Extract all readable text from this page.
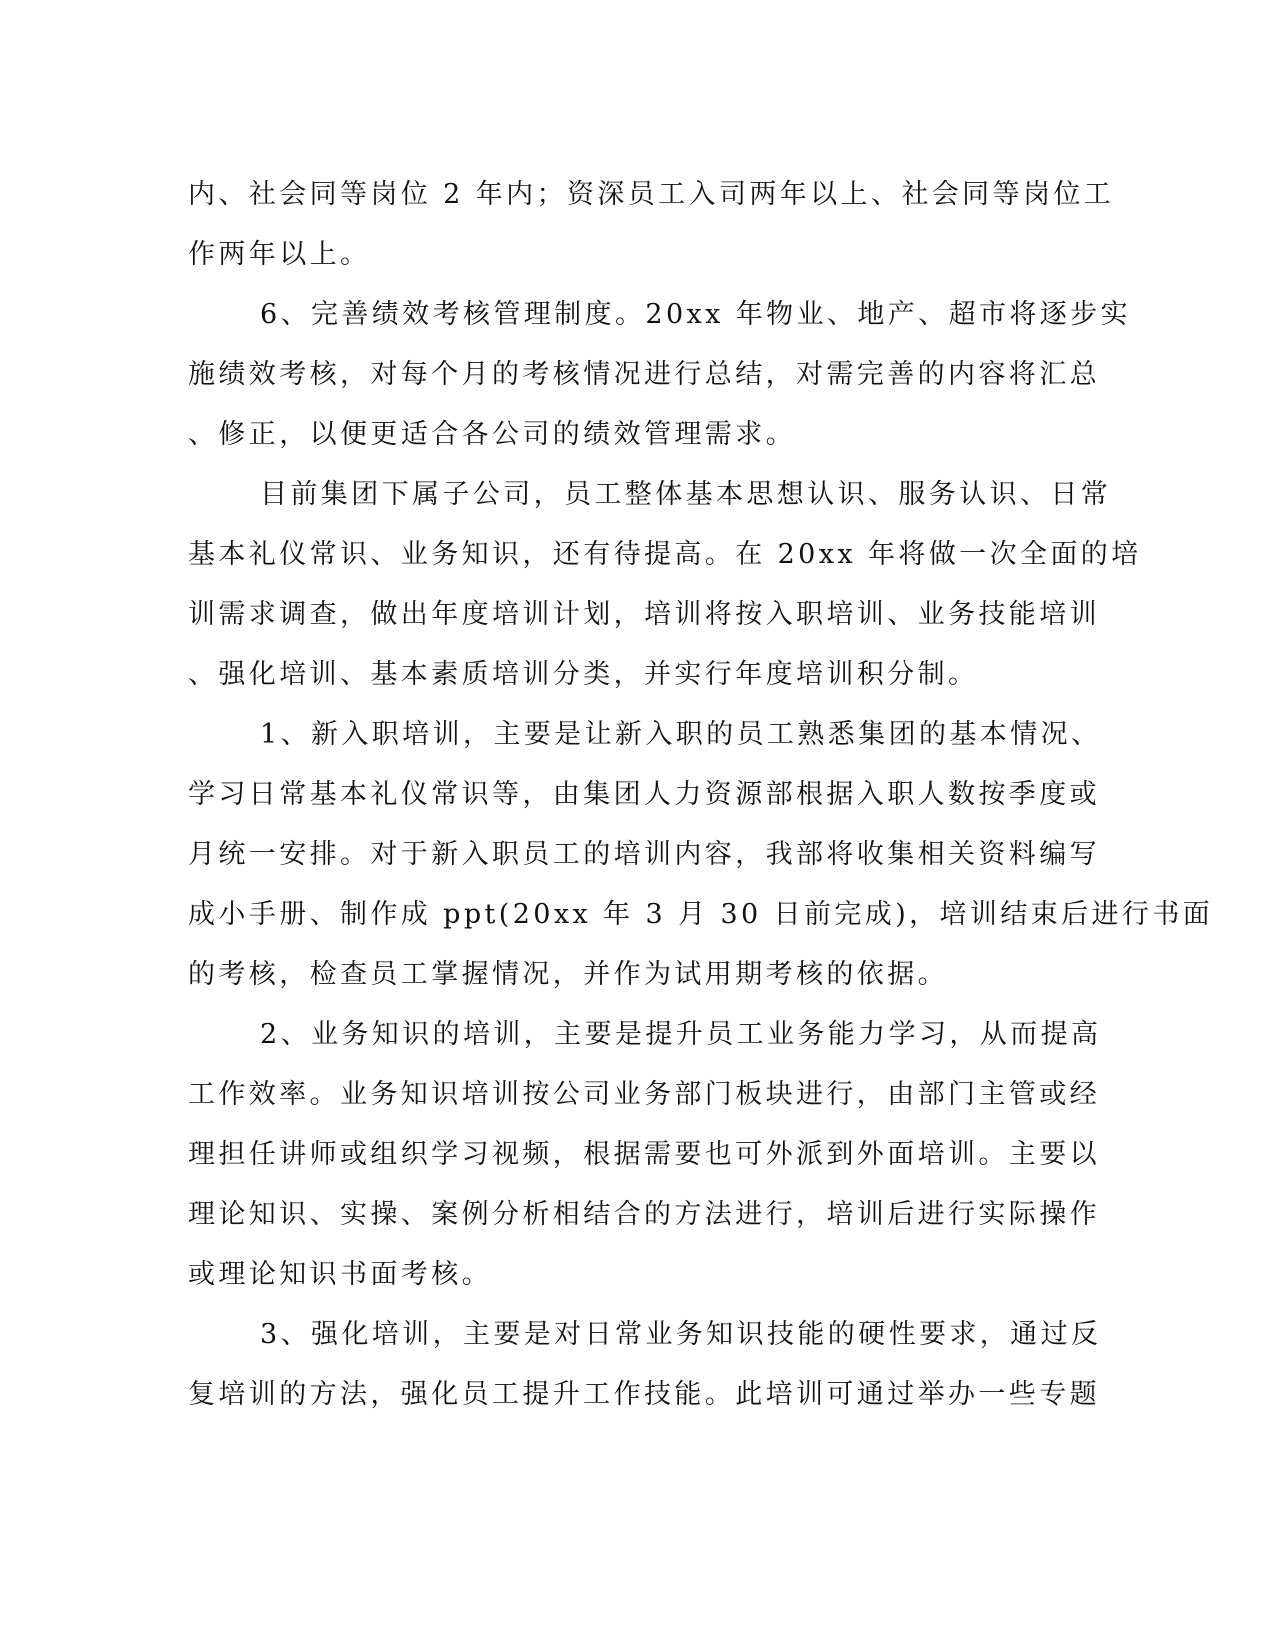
内、社会同等岗位 2 年内；资深员工入司两年以上、社会同等岗位工
作两年以上。
6、完善绩效考核管理制度。20xx 年物业、地产、超市将逐步实
施绩效考核，对每个月的考核情况进行总结，对需完善的内容将汇总
、修正，以便更适合各公司的绩效管理需求。
目前集团下属子公司，员工整体基本思想认识、服务认识、日常
基本礼仪常识、业务知识，还有待提高。在 20xx 年将做一次全面的培
训需求调查，做出年度培训计划，培训将按入职培训、业务技能培训
、强化培训、基本素质培训分类，并实行年度培训积分制。
1、新入职培训，主要是让新入职的员工熟悉集团的基本情况、
学习日常基本礼仪常识等，由集团人力资源部根据入职人数按季度或
月统一安排。对于新入职员工的培训内容，我部将收集相关资料编写
成小手册、制作成 ppt(20xx 年 3 月 30 日前完成)，培训结束后进行书面
的考核，检查员工掌握情况，并作为试用期考核的依据。
2、业务知识的培训，主要是提升员工业务能力学习，从而提高
工作效率。业务知识培训按公司业务部门板块进行，由部门主管或经
理担任讲师或组织学习视频，根据需要也可外派到外面培训。主要以
理论知识、实操、案例分析相结合的方法进行，培训后进行实际操作
或理论知识书面考核。
3、强化培训，主要是对日常业务知识技能的硬性要求，通过反
复培训的方法，强化员工提升工作技能。此培训可通过举办一些专题
